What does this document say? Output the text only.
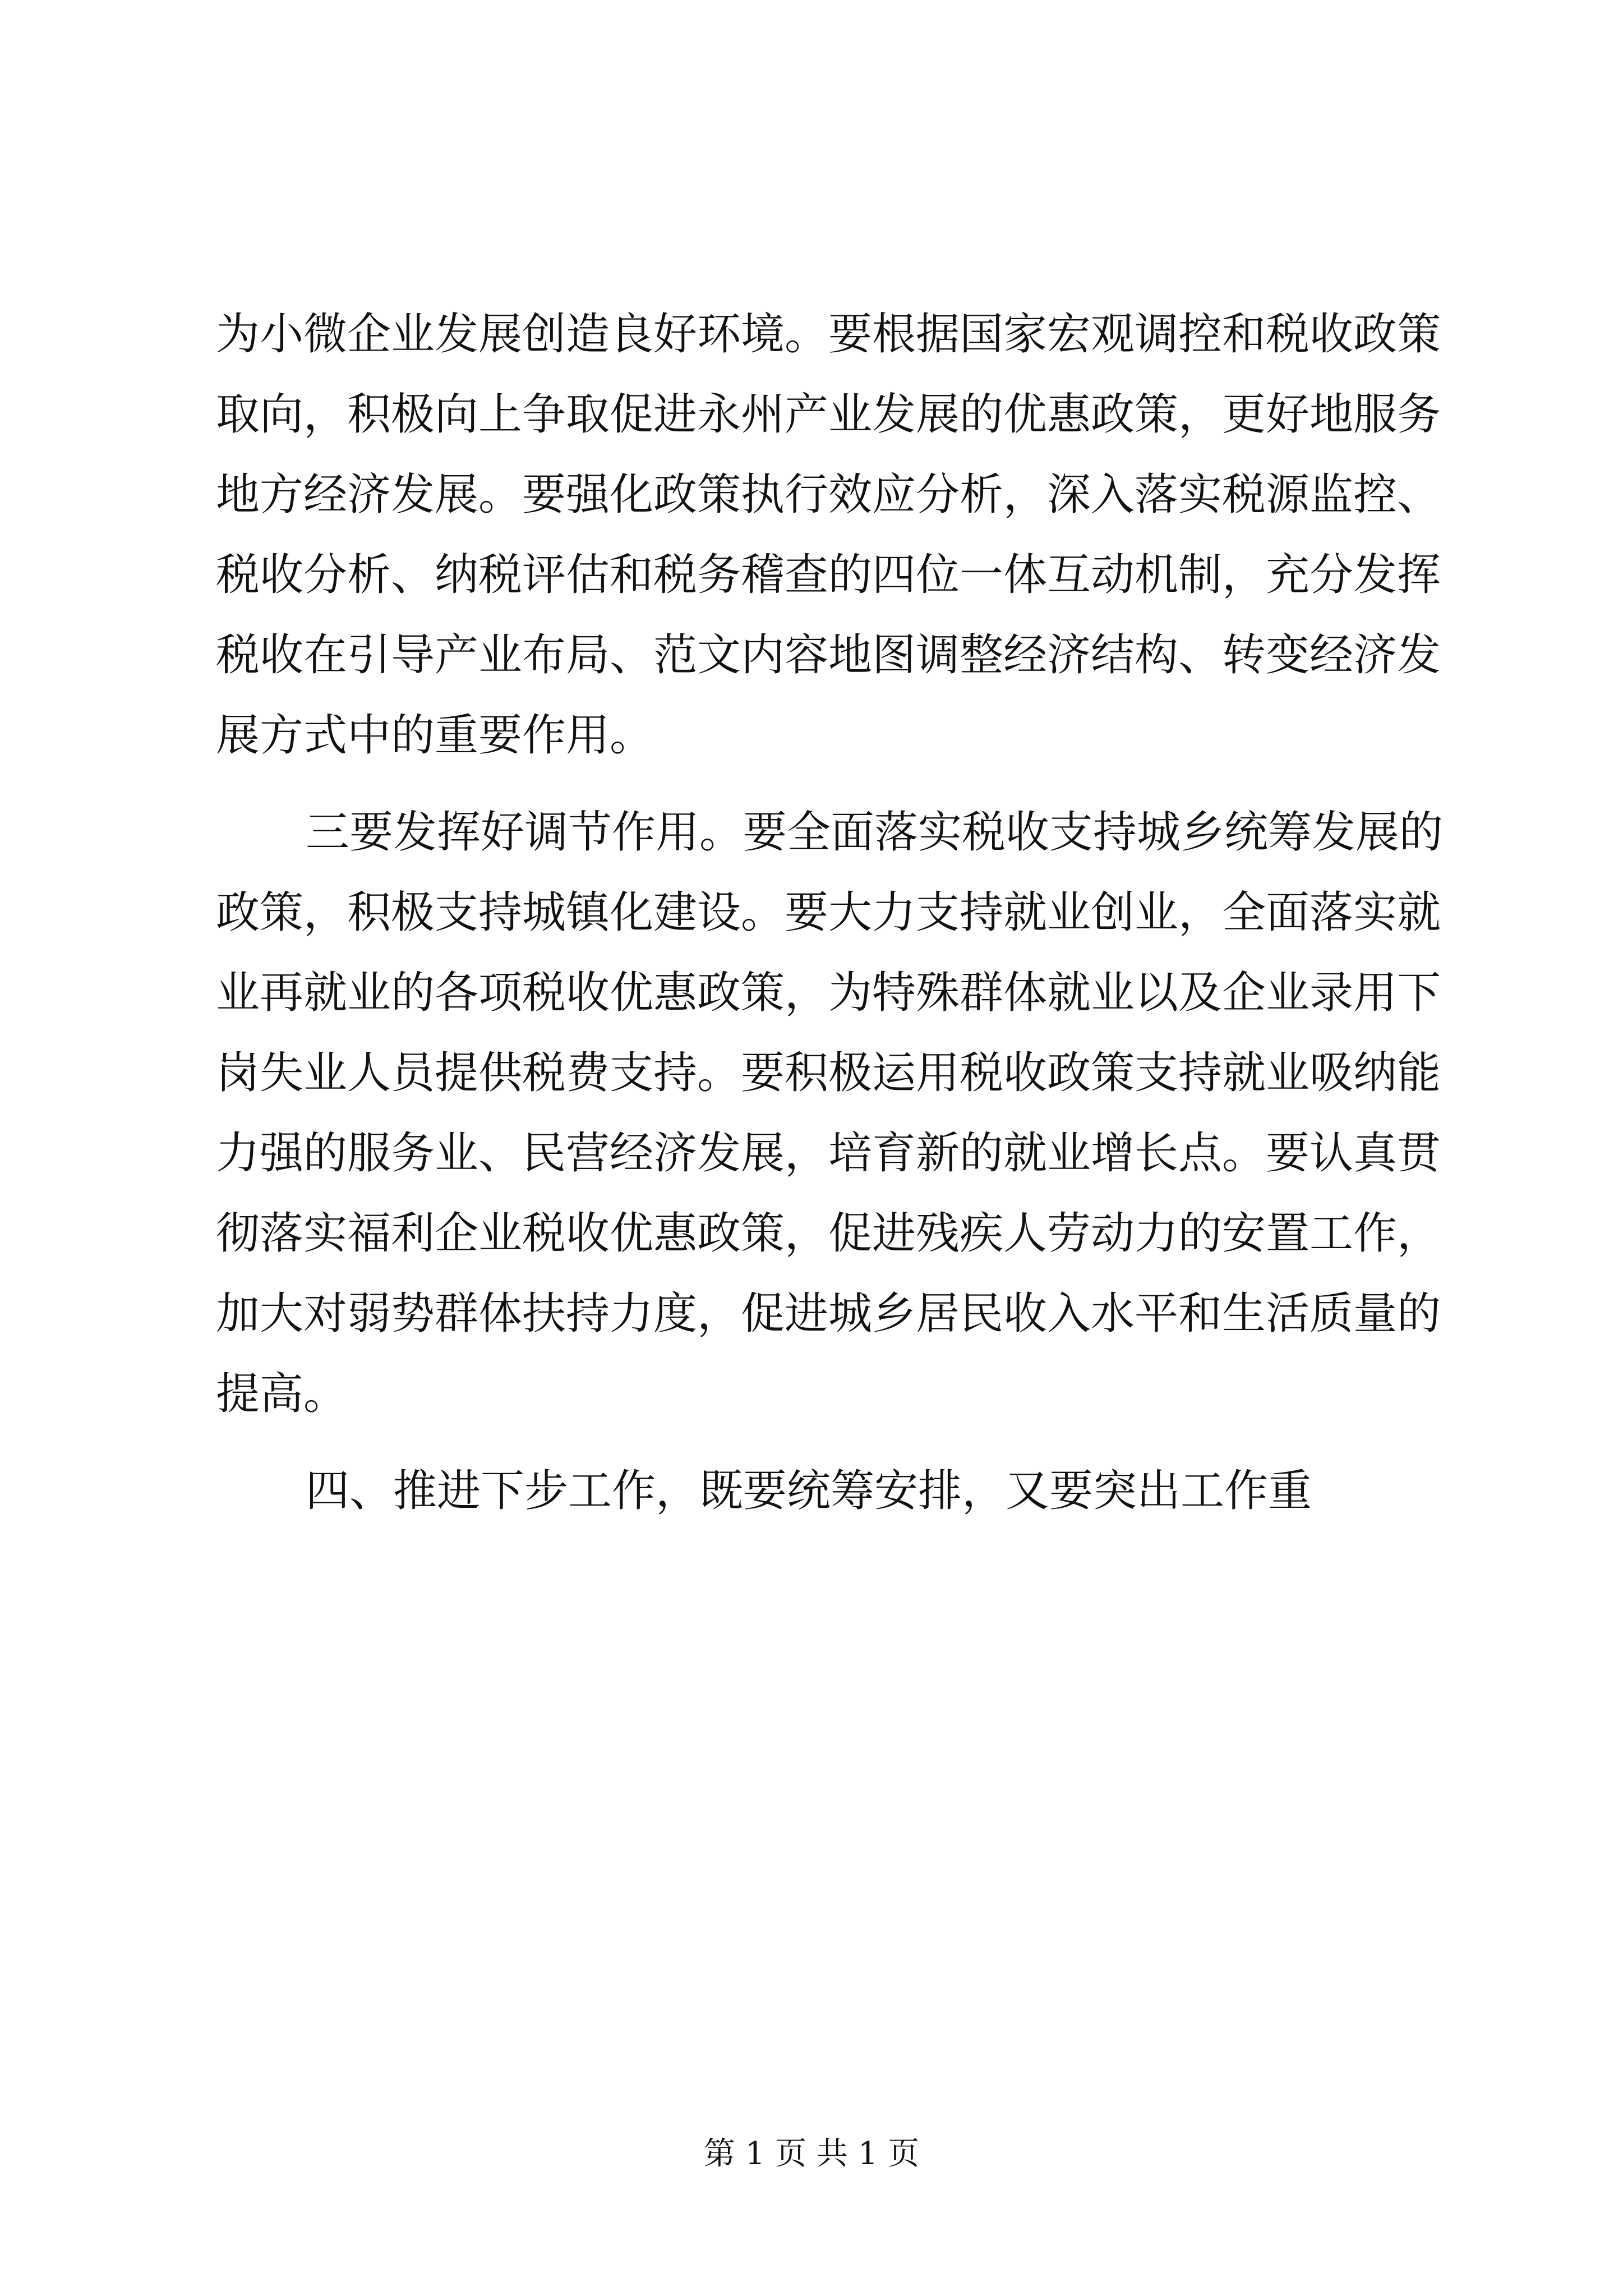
为小微企业发展创造良好环境。要根据国家宏观调控和税收政策
取向，积极向上争取促进永州产业发展的优惠政策，更好地服务
地方经济发展。要强化政策执行效应分析，深入落实税源监控、
税收分析、纳税评估和税务稽查的四位一体互动机制，充分发挥
税收在引导产业布局、范文内容地图调整经济结构、转变经济发
展方式中的重要作用。
三要发挥好调节作用。要全面落实税收支持城乡统筹发展的
政策，积极支持城镇化建设。要大力支持就业创业，全面落实就
业再就业的各项税收优惠政策，为特殊群体就业以及企业录用下
岗失业人员提供税费支持。要积极运用税收政策支持就业吸纳能
力强的服务业、民营经济发展，培育新的就业增长点。要认真贯
彻落实福利企业税收优惠政策，促进残疾人劳动力的安置工作，
加大对弱势群体扶持力度，促进城乡居民收入水平和生活质量的
提高。
四、推进下步工作，既要统筹安排，又要突出工作重
第 1 页 共 1 页
